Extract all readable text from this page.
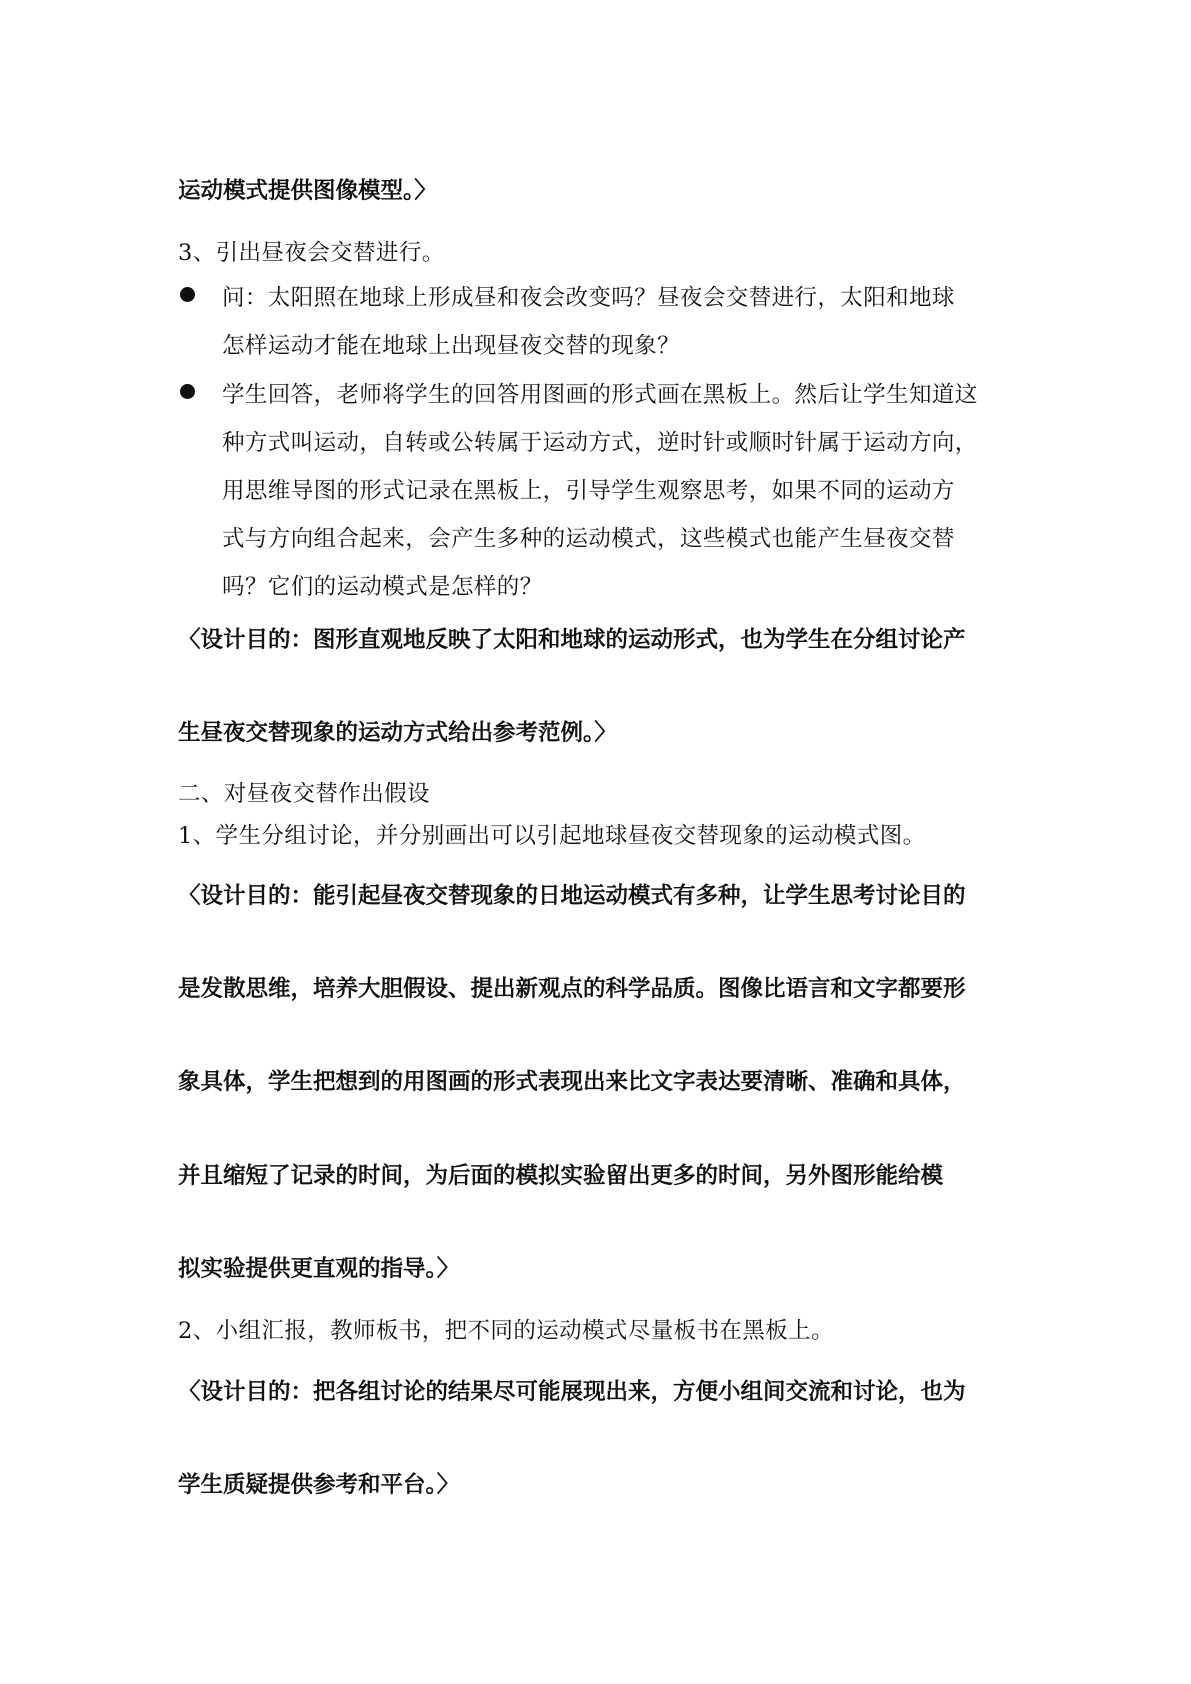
运动模式提供图像模型。〉
3、引出昼夜会交替进行。
问：太阳照在地球上形成昼和夜会改变吗？昼夜会交替进行，太阳和地球
怎样运动才能在地球上出现昼夜交替的现象？
学生回答，老师将学生的回答用图画的形式画在黑板上。然后让学生知道这
种方式叫运动，自转或公转属于运动方式，逆时针或顺时针属于运动方向，
用思维导图的形式记录在黑板上，引导学生观察思考，如果不同的运动方
式与方向组合起来，会产生多种的运动模式，这些模式也能产生昼夜交替
吗？它们的运动模式是怎样的？
〈设计目的：图形直观地反映了太阳和地球的运动形式，也为学生在分组讨论产
生昼夜交替现象的运动方式给出参考范例。〉
二、对昼夜交替作出假设
1、学生分组讨论，并分别画出可以引起地球昼夜交替现象的运动模式图。
〈设计目的：能引起昼夜交替现象的日地运动模式有多种，让学生思考讨论目的
是发散思维，培养大胆假设、提出新观点的科学品质。图像比语言和文字都要形
象具体，学生把想到的用图画的形式表现出来比文字表达要清晰、准确和具体，
并且缩短了记录的时间，为后面的模拟实验留出更多的时间，另外图形能给模
拟实验提供更直观的指导。〉
2、小组汇报，教师板书，把不同的运动模式尽量板书在黑板上。
〈设计目的：把各组讨论的结果尽可能展现出来，方便小组间交流和讨论，也为
学生质疑提供参考和平台。〉
